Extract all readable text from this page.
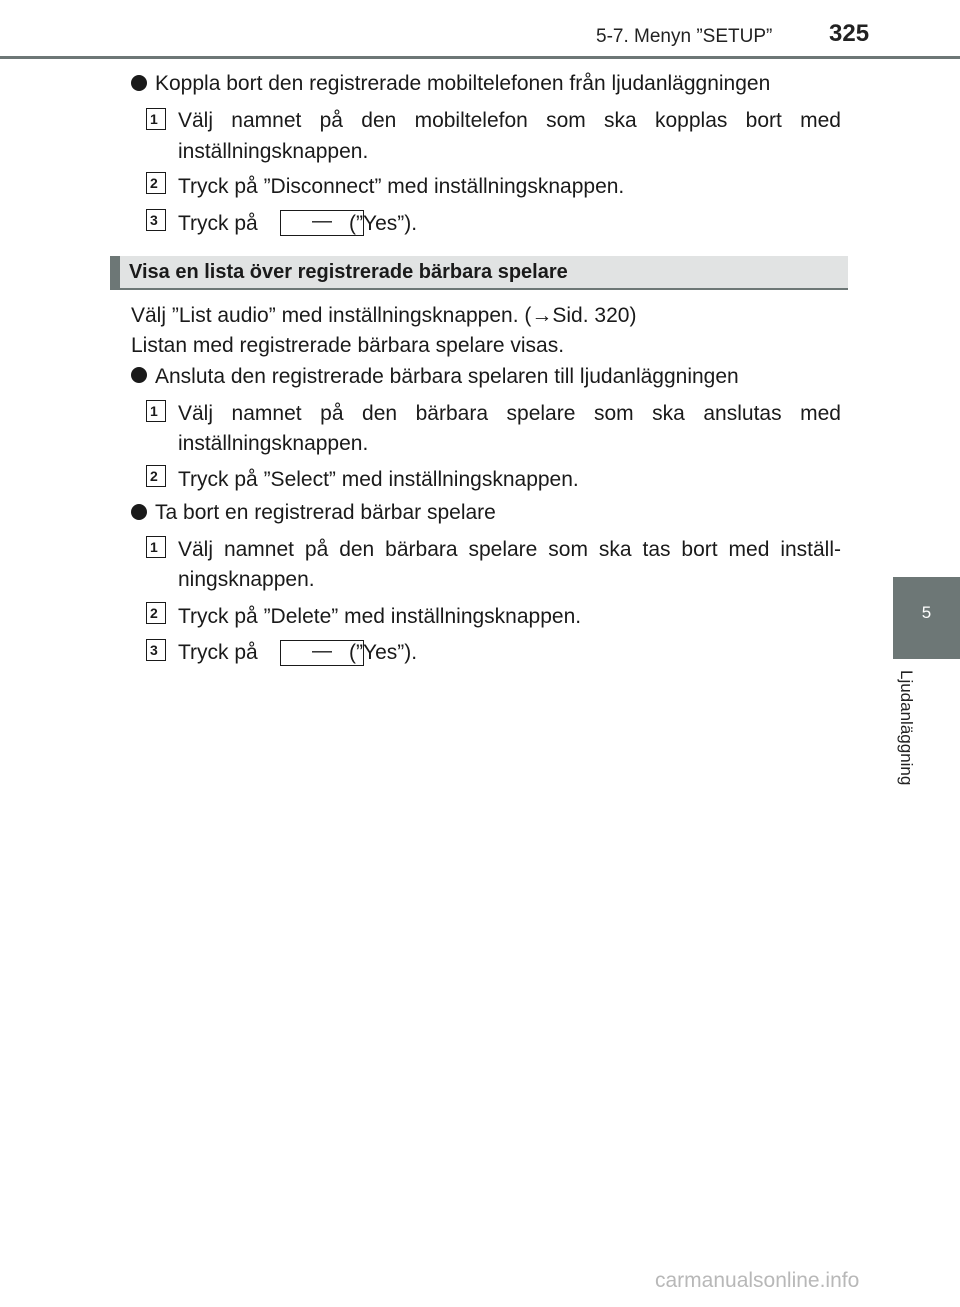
5-7. Menyn ”SETUP” 325
5
Ljudanläggning
Koppla bort den registrerade mobiltelefonen från ljudanläggningen
1 Välj namnet på den mobiltelefon som ska kopplas bort med
inställningsknappen.
2 Tryck på ”Disconnect” med inställningsknappen.
3 Tryck på	— (”Yes”).
Visa en lista över registrerade bärbara spelare
Välj ”List audio” med inställningsknappen. (→Sid. 320)
Listan med registrerade bärbara spelare visas.
Ansluta den registrerade bärbara spelaren till ljudanläggningen
1 Välj namnet på den bärbara spelare som ska anslutas med
inställningsknappen.
2 Tryck på ”Select” med inställningsknappen.
Ta bort en registrerad bärbar spelare
1 Välj namnet på den bärbara spelare som ska tas bort med inställ-
ningsknappen.
2 Tryck på ”Delete” med inställningsknappen.
3 Tryck på	— (”Yes”).
carmanualsonline.info
